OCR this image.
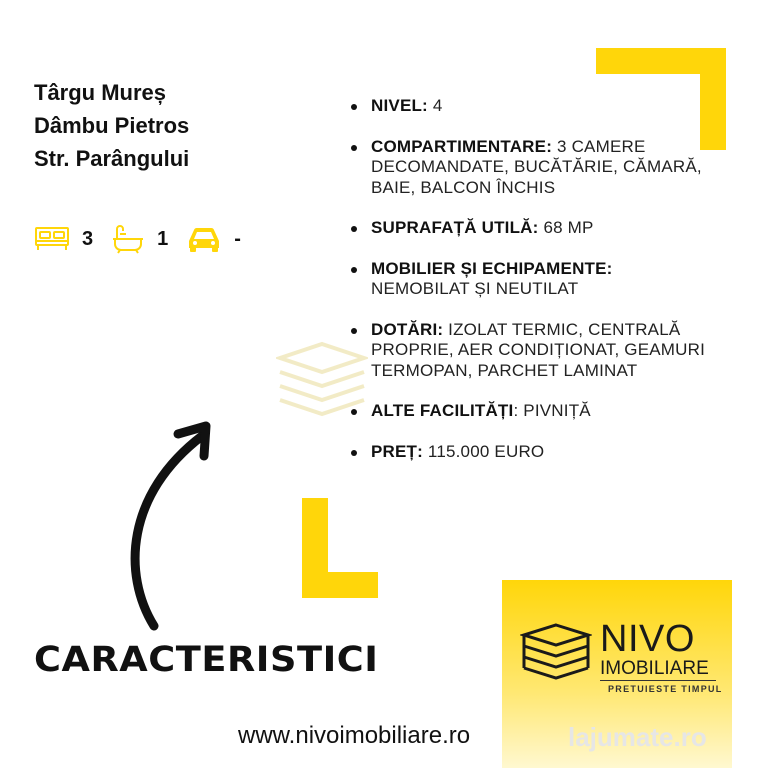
Târgu Mureș
Dâmbu Pietros
Str. Parângului
3	1	-
NIVEL: 4
COMPARTIMENTARE: 3 CAMERE DECOMANDATE, BUCĂTĂRIE, CĂMARĂ, BAIE, BALCON ÎNCHIS
SUPRAFAȚĂ UTILĂ: 68 MP
MOBILIER ȘI ECHIPAMENTE: NEMOBILAT ȘI NEUTILAT
DOTĂRI: IZOLAT TERMIC, CENTRALĂ PROPRIE, AER CONDIȚIONAT, GEAMURI TERMOPAN, PARCHET LAMINAT
ALTE FACILITĂȚI: PIVNIȚĂ
PREȚ: 115.000 EURO
CARACTERISTICI
www.nivoimobiliare.ro
NIVO
IMOBILIARE
PRETUIESTE TIMPUL
lajumate.ro
